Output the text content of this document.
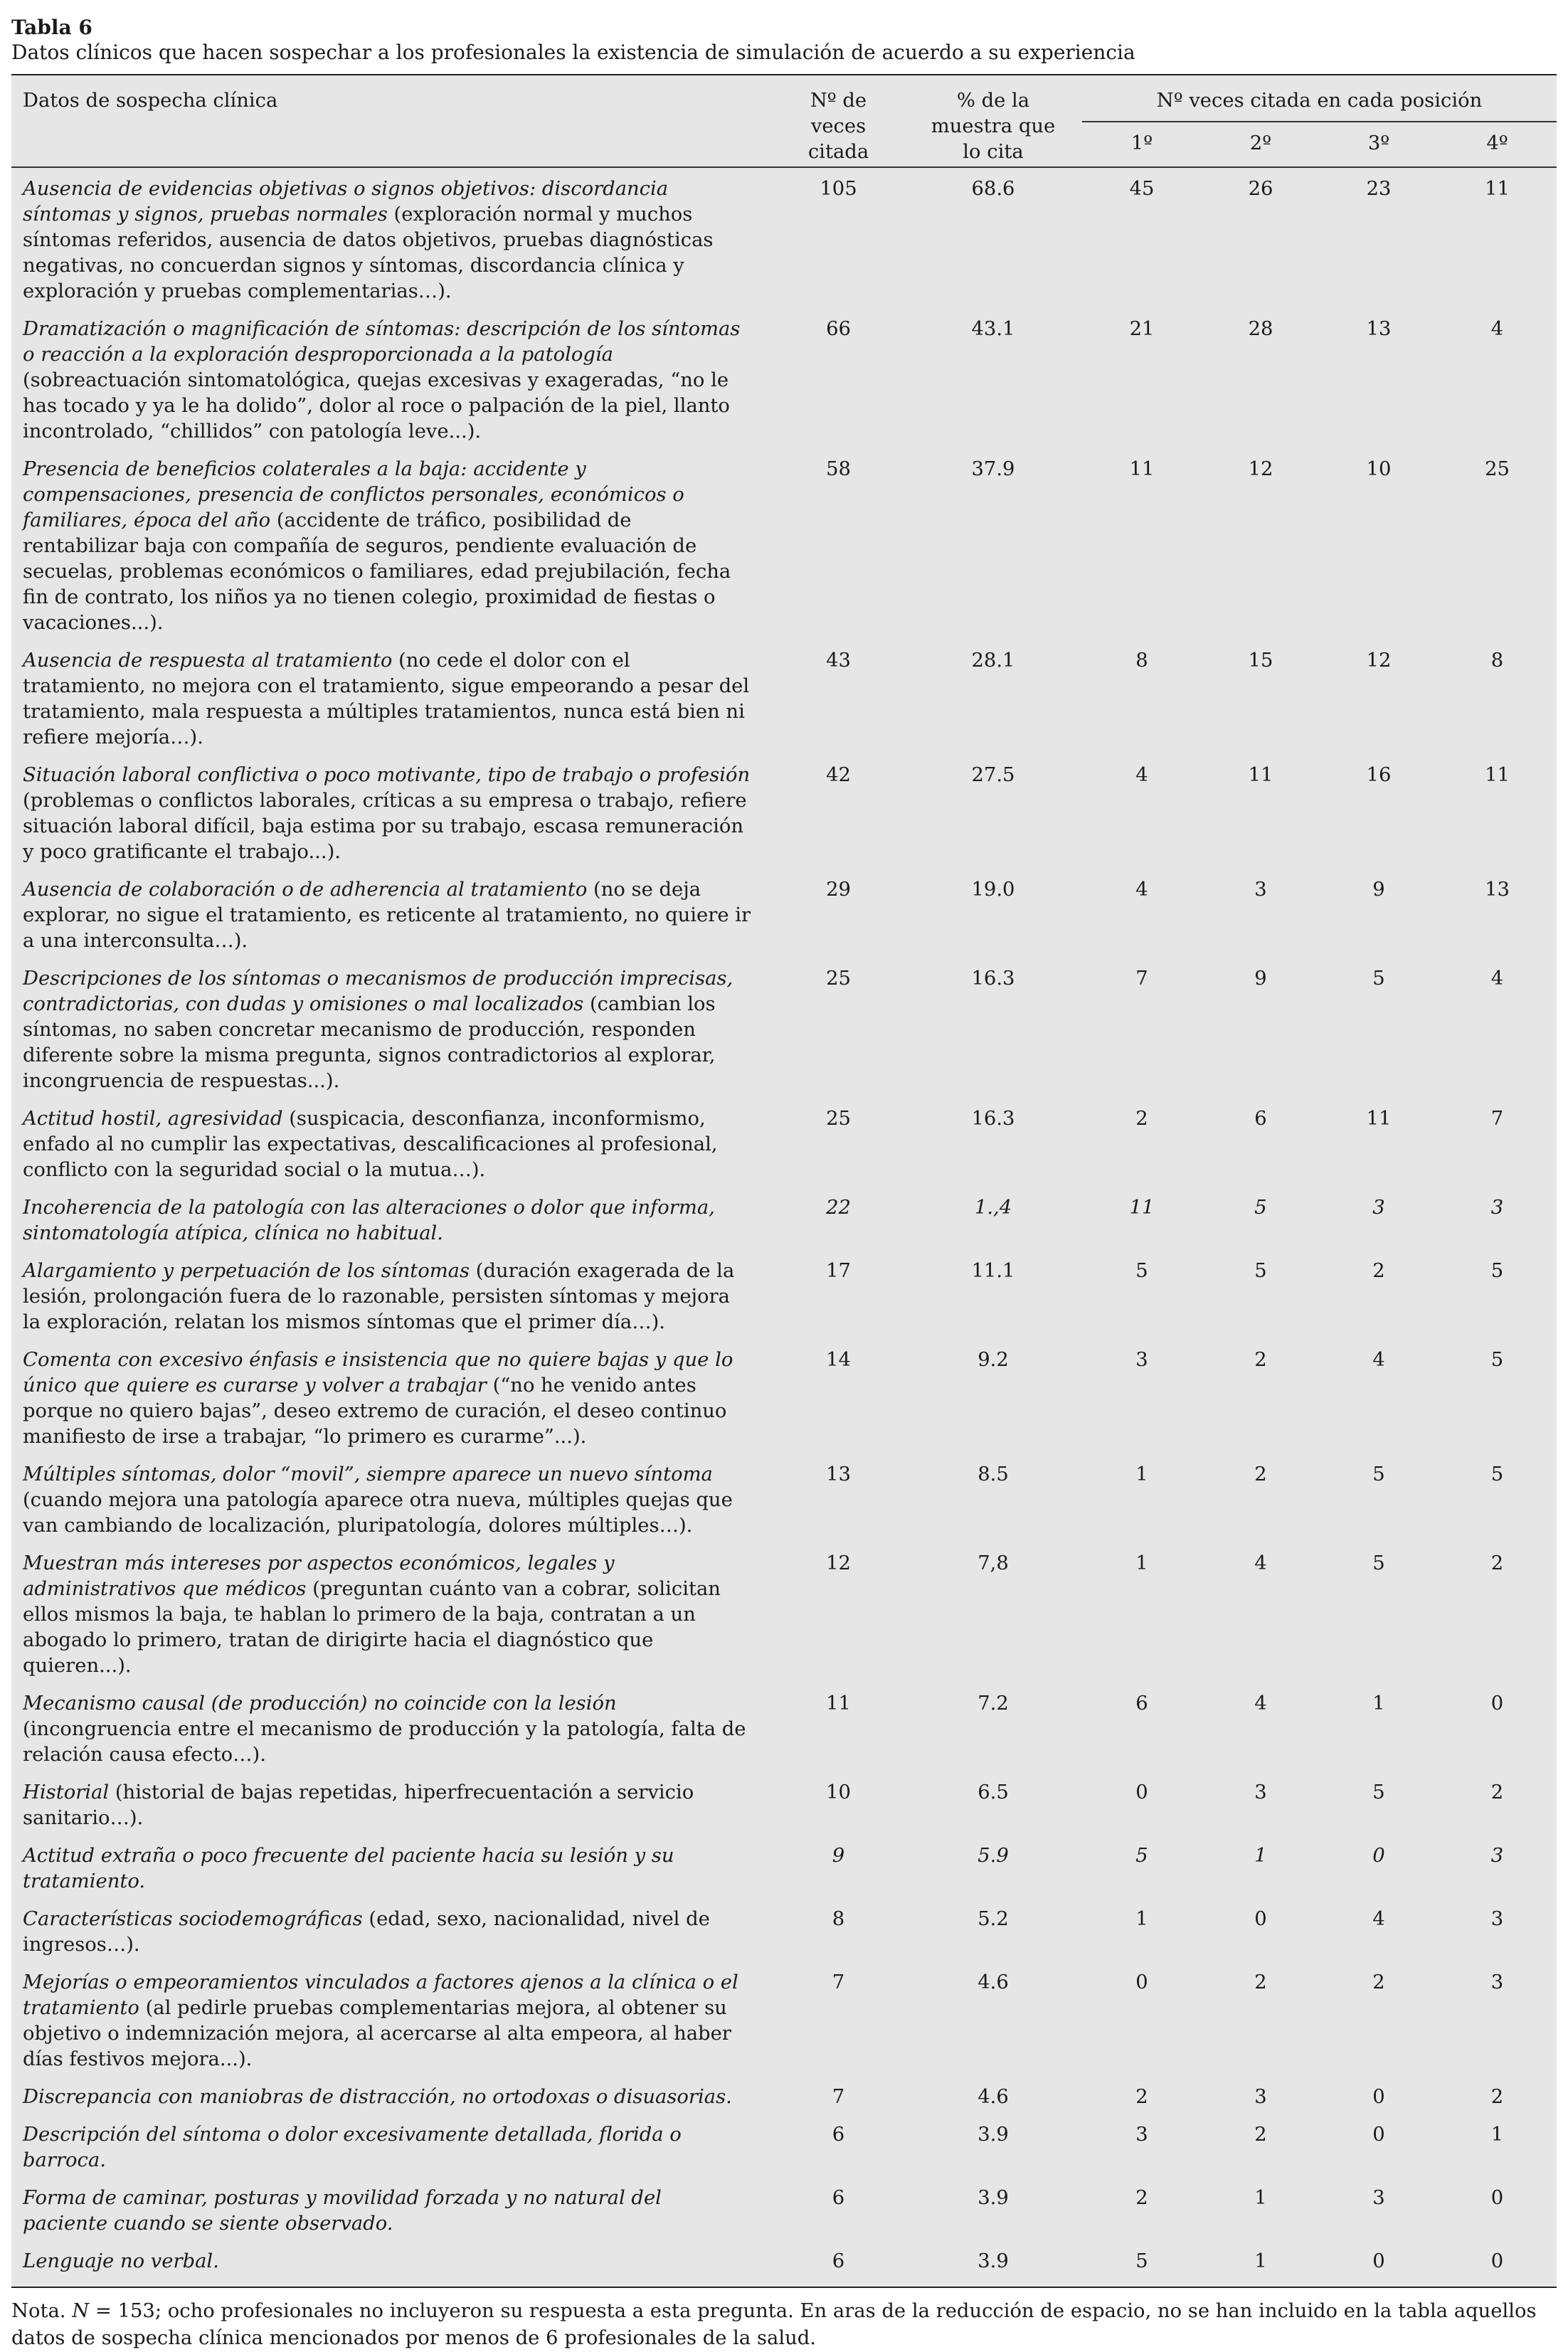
Tabla 6
Datos clínicos que hacen sospechar a los profesionales la existencia de simulación de acuerdo a su experiencia
Datos de sospecha clínica	Nº de veces citada	% de la muestra que lo cita	Nº veces citada en cada posición			
			1º	2º	3º	4º

Ausencia de evidencias objetivas o signos objetivos: discordancia síntomas y signos, pruebas normales (exploración normal y muchos síntomas referidos, ausencia de datos objetivos, pruebas diagnósticas negativas, no concuerdan signos y síntomas, discordancia clínica y exploración y pruebas complementarias…).	105	68.6	45	26	23	11
Dramatización o magnificación de síntomas: descripción de los síntomas o reacción a la exploración desproporcionada a la patología (sobreactuación sintomatológica, quejas excesivas y exageradas, “no le has tocado y ya le ha dolido”, dolor al roce o palpación de la piel, llanto incontrolado, “chillidos” con patología leve...).	66	43.1	21	28	13	4
Presencia de beneficios colaterales a la baja: accidente y compensaciones, presencia de conflictos personales, económicos o familiares, época del año (accidente de tráfico, posibilidad de rentabilizar baja con compañía de seguros, pendiente evaluación de secuelas, problemas económicos o familiares, edad prejubilación, fecha fin de contrato, los niños ya no tienen colegio, proximidad de fiestas o vacaciones...).	58	37.9	11	12	10	25
Ausencia de respuesta al tratamiento (no cede el dolor con el tratamiento, no mejora con el tratamiento, sigue empeorando a pesar del tratamiento, mala respuesta a múltiples tratamientos, nunca está bien ni refiere mejoría…).	43	28.1	8	15	12	8
Situación laboral conflictiva o poco motivante, tipo de trabajo o profesión (problemas o conflictos laborales, críticas a su empresa o trabajo, refiere situación laboral difícil, baja estima por su trabajo, escasa remuneración y poco gratificante el trabajo...).	42	27.5	4	11	16	11
Ausencia de colaboración o de adherencia al tratamiento (no se deja explorar, no sigue el tratamiento, es reticente al tratamiento, no quiere ir a una interconsulta…).	29	19.0	4	3	9	13
Descripciones de los síntomas o mecanismos de producción imprecisas, contradictorias, con dudas y omisiones o mal localizados (cambian los síntomas, no saben concretar mecanismo de producción, responden diferente sobre la misma pregunta, signos contradictorios al explorar, incongruencia de respuestas...).	25	16.3	7	9	5	4
Actitud hostil, agresividad (suspicacia, desconfianza, inconformismo, enfado al no cumplir las expectativas, descalificaciones al profesional, conflicto con la seguridad social o la mutua…).	25	16.3	2	6	11	7
Incoherencia de la patología con las alteraciones o dolor que informa, sintomatología atípica, clínica no habitual.	22	1.,4	11	5	3	3
Alargamiento y perpetuación de los síntomas (duración exagerada de la lesión, prolongación fuera de lo razonable, persisten síntomas y mejora la exploración, relatan los mismos síntomas que el primer día…).	17	11.1	5	5	2	5
Comenta con excesivo énfasis e insistencia que no quiere bajas y que lo único que quiere es curarse y volver a trabajar (“no he venido antes porque no quiero bajas”, deseo extremo de curación, el deseo continuo manifiesto de irse a trabajar, “lo primero es curarme”...).	14	9.2	3	2	4	5
Múltiples síntomas, dolor “movil”, siempre aparece un nuevo síntoma (cuando mejora una patología aparece otra nueva, múltiples quejas que van cambiando de localización, pluripatología, dolores múltiples…).	13	8.5	1	2	5	5
Muestran más intereses por aspectos económicos, legales y administrativos que médicos (preguntan cuánto van a cobrar, solicitan ellos mismos la baja, te hablan lo primero de la baja, contratan a un abogado lo primero, tratan de dirigirte hacia el diagnóstico que quieren...).	12	7,8	1	4	5	2
Mecanismo causal (de producción) no coincide con la lesión (incongruencia entre el mecanismo de producción y la patología, falta de relación causa efecto…).	11	7.2	6	4	1	0
Historial (historial de bajas repetidas, hiperfrecuentación a servicio sanitario…).	10	6.5	0	3	5	2
Actitud extraña o poco frecuente del paciente hacia su lesión y su tratamiento.	9	5.9	5	1	0	3
Características sociodemográficas (edad, sexo, nacionalidad, nivel de ingresos…).	8	5.2	1	0	4	3
Mejorías o empeoramientos vinculados a factores ajenos a la clínica o el tratamiento (al pedirle pruebas complementarias mejora, al obtener su objetivo o indemnización mejora, al acercarse al alta empeora, al haber días festivos mejora...).	7	4.6	0	2	2	3
Discrepancia con maniobras de distracción, no ortodoxas o disuasorias.	7	4.6	2	3	0	2
Descripción del síntoma o dolor excesivamente detallada, florida o barroca.	6	3.9	3	2	0	1
Forma de caminar, posturas y movilidad forzada y no natural del paciente cuando se siente observado.	6	3.9	2	1	3	0
Lenguaje no verbal.	6	3.9	5	1	0	0
Nota. N = 153; ocho profesionales no incluyeron su respuesta a esta pregunta. En aras de la reducción de espacio, no se han incluido en la tabla aquellos datos de sospecha clínica mencionados por menos de 6 profesionales de la salud.
